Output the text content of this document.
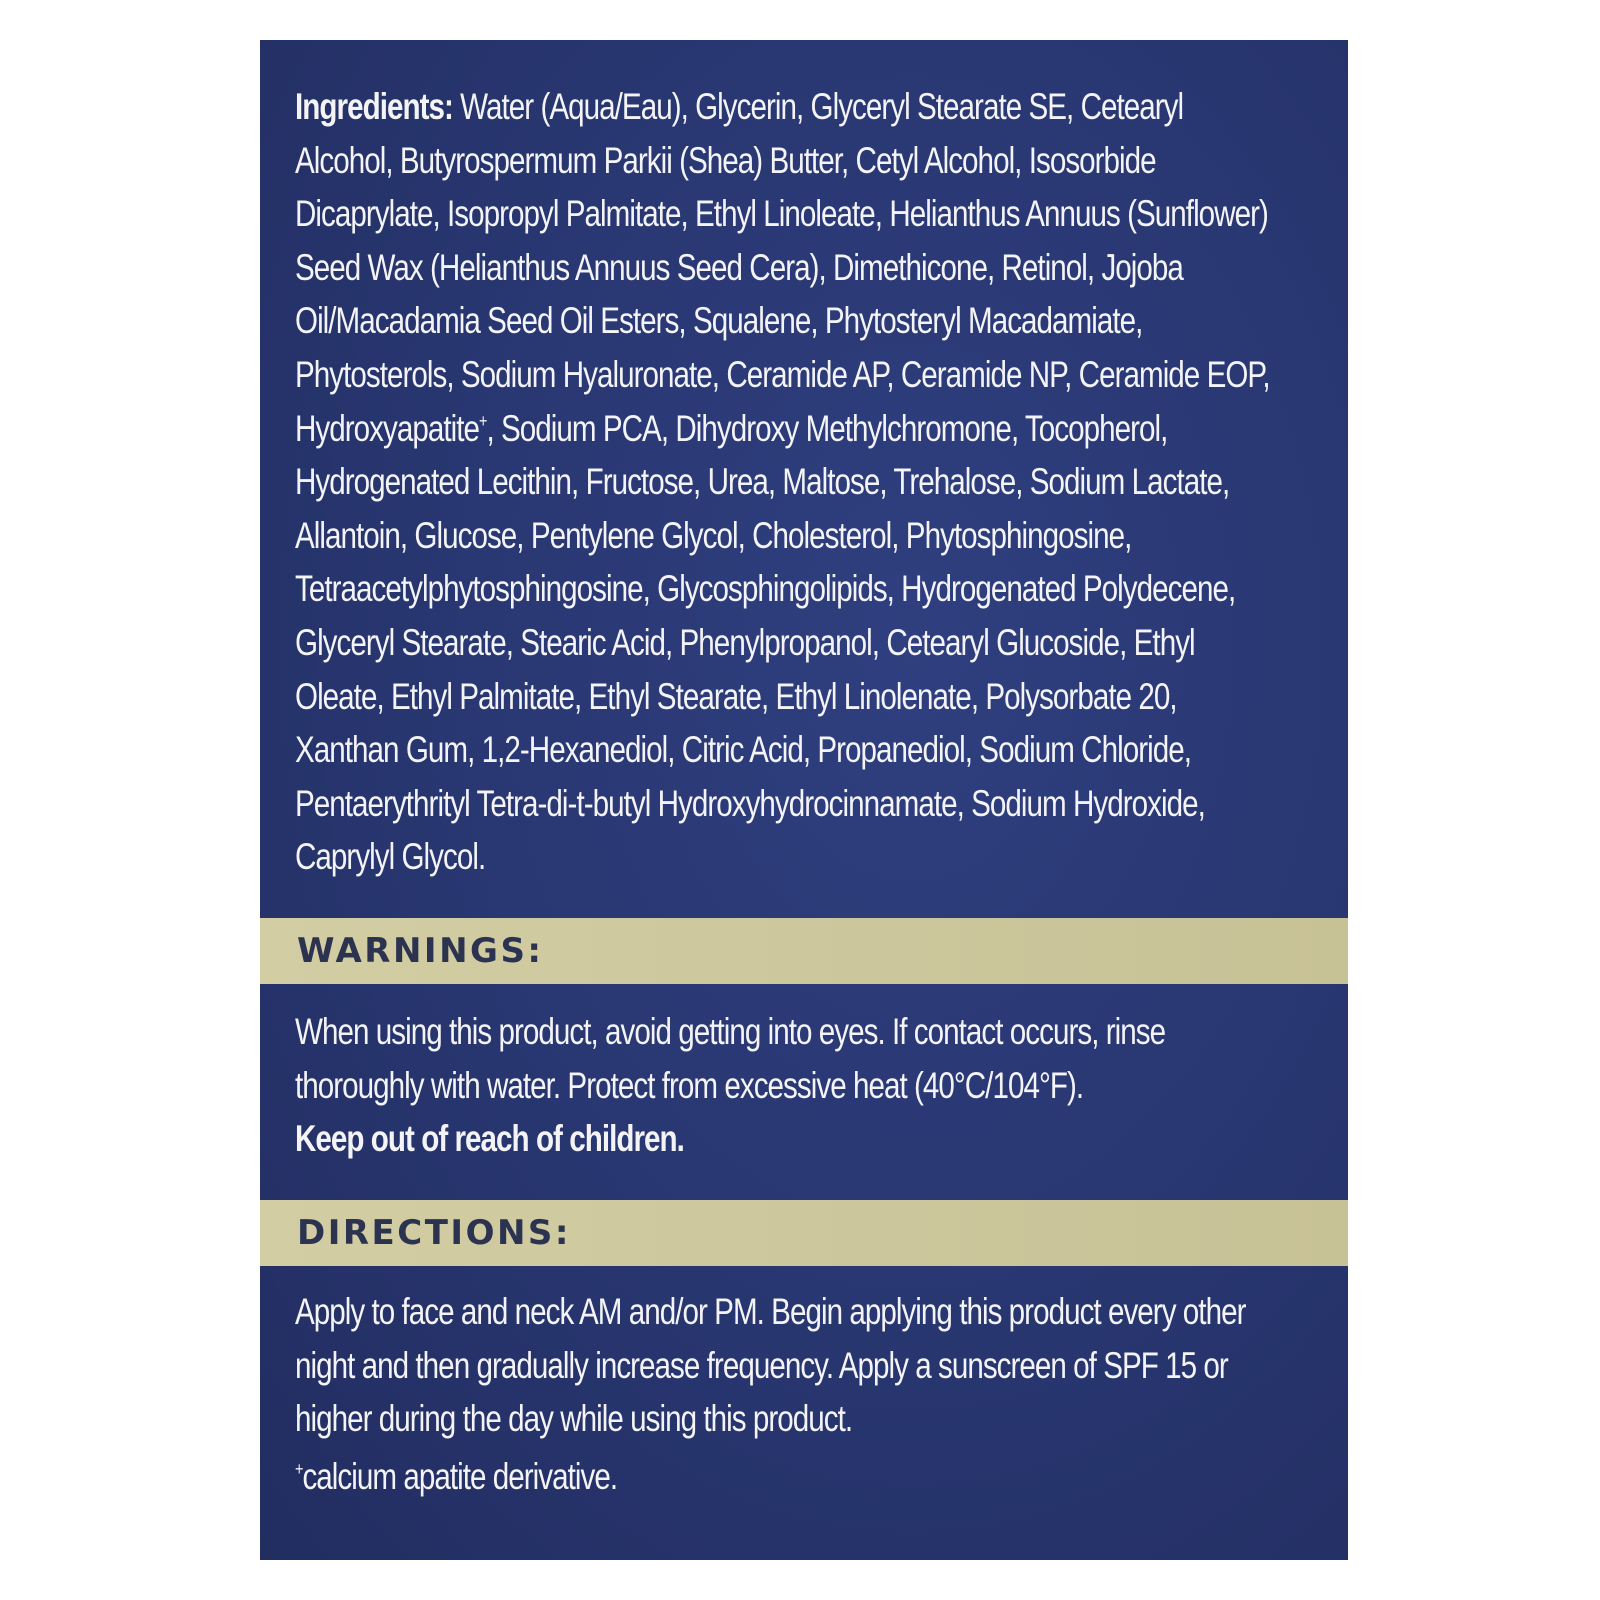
Ingredients: Water (Aqua/Eau), Glycerin, Glyceryl Stearate SE, Cetearyl Alcohol, Butyrospermum Parkii (Shea) Butter, Cetyl Alcohol, Isosorbide Dicaprylate, Isopropyl Palmitate, Ethyl Linoleate, Helianthus Annuus (Sunflower) Seed Wax (Helianthus Annuus Seed Cera), Dimethicone, Retinol, Jojoba Oil/Macadamia Seed Oil Esters, Squalene, Phytosteryl Macadamiate, Phytosterols, Sodium Hyaluronate, Ceramide AP, Ceramide NP, Ceramide EOP, Hydroxyapatite+, Sodium PCA, Dihydroxy Methylchromone, Tocopherol, Hydrogenated Lecithin, Fructose, Urea, Maltose, Trehalose, Sodium Lactate, Allantoin, Glucose, Pentylene Glycol, Cholesterol, Phytosphingosine, Tetraacetylphytosphingosine, Glycosphingolipids, Hydrogenated Polydecene, Glyceryl Stearate, Stearic Acid, Phenylpropanol, Cetearyl Glucoside, Ethyl Oleate, Ethyl Palmitate, Ethyl Stearate, Ethyl Linolenate, Polysorbate 20, Xanthan Gum, 1,2-Hexanediol, Citric Acid, Propanediol, Sodium Chloride, Pentaerythrityl Tetra-di-t-butyl Hydroxyhydrocinnamate, Sodium Hydroxide, Caprylyl Glycol.

WARNINGS:

When using this product, avoid getting into eyes. If contact occurs, rinse thoroughly with water. Protect from excessive heat (40°C/104°F).
Keep out of reach of children.

DIRECTIONS:

Apply to face and neck AM and/or PM. Begin applying this product every other night and then gradually increase frequency. Apply a sunscreen of SPF 15 or higher during the day while using this product.

+calcium apatite derivative.
